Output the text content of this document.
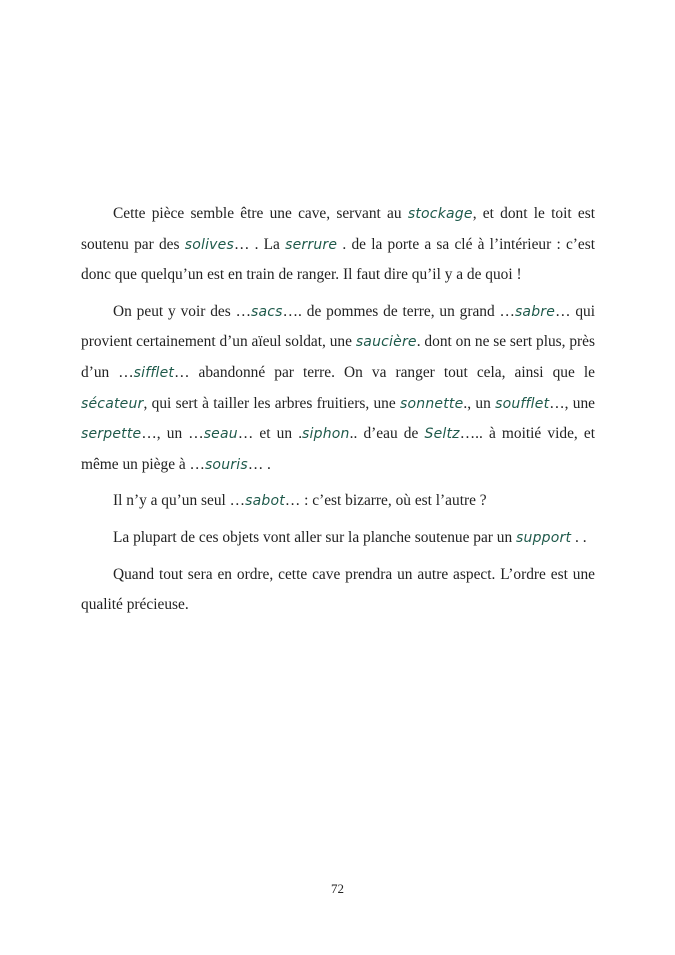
Cette pièce semble être une cave, servant au stockage, et dont le toit est soutenu par des solives… . La serrure . de la porte a sa clé à l’intérieur : c’est donc que quelqu’un est en train de ranger. Il faut dire qu’il y a de quoi !

On peut y voir des …sacs…. de pommes de terre, un grand …sabre… qui provient certainement d’un aïeul soldat, une saucière. dont on ne se sert plus, près d’un …sifflet… abandonné par terre. On va ranger tout cela, ainsi que le sécateur, qui sert à tailler les arbres fruitiers, une sonnette., un soufflet…, une serpette…, un …seau… et un .siphon.. d’eau de Seltz….. à moitié vide, et même un piège à …souris… .

Il n’y a qu’un seul …sabot… : c’est bizarre, où est l’autre ?

La plupart de ces objets vont aller sur la planche soutenue par un support . .

Quand tout sera en ordre, cette cave prendra un autre aspect. L’ordre est une qualité précieuse.

72
